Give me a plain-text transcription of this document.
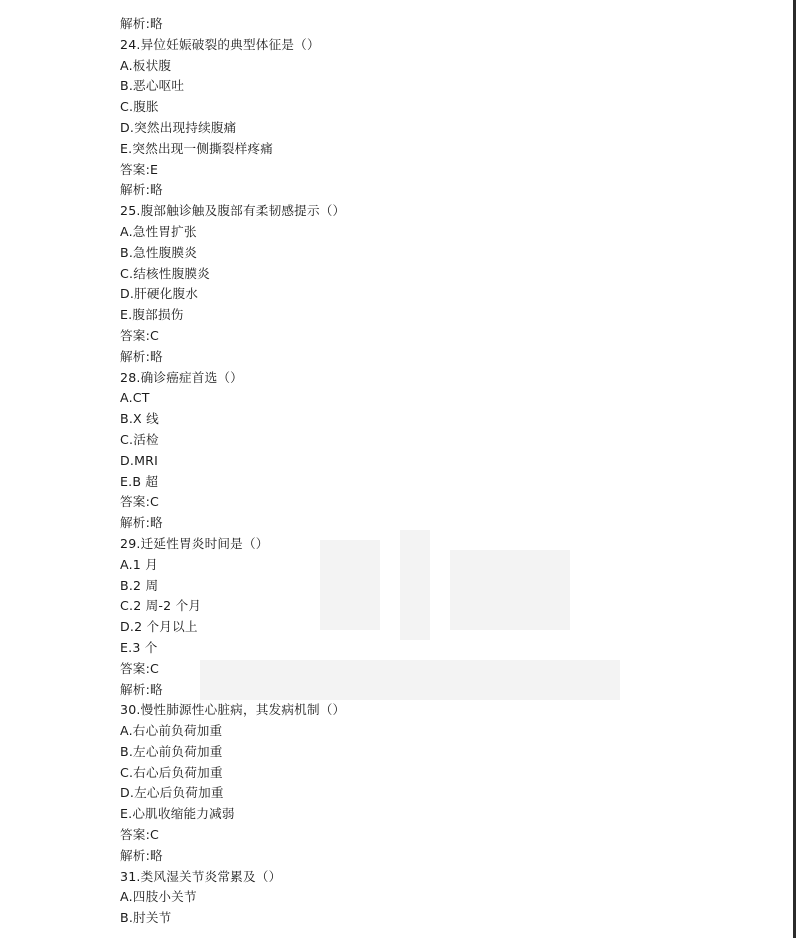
解析:略
24.异位妊娠破裂的典型体征是（）
A.板状腹
B.恶心呕吐
C.腹胀
D.突然出现持续腹痛
E.突然出现一侧撕裂样疼痛
答案:E
解析:略
25.腹部触诊触及腹部有柔韧感提示（）
A.急性胃扩张
B.急性腹膜炎
C.结核性腹膜炎
D.肝硬化腹水
E.腹部损伤
答案:C
解析:略
28.确诊癌症首选（）
A.CT
B.X 线
C.活检
D.MRI
E.B 超
答案:C
解析:略
29.迁延性胃炎时间是（）
A.1 月
B.2 周
C.2 周-2 个月
D.2 个月以上
E.3 个
答案:C
解析:略
30.慢性肺源性心脏病，其发病机制（）
A.右心前负荷加重
B.左心前负荷加重
C.右心后负荷加重
D.左心后负荷加重
E.心肌收缩能力减弱
答案:C
解析:略
31.类风湿关节炎常累及（）
A.四肢小关节
B.肘关节
